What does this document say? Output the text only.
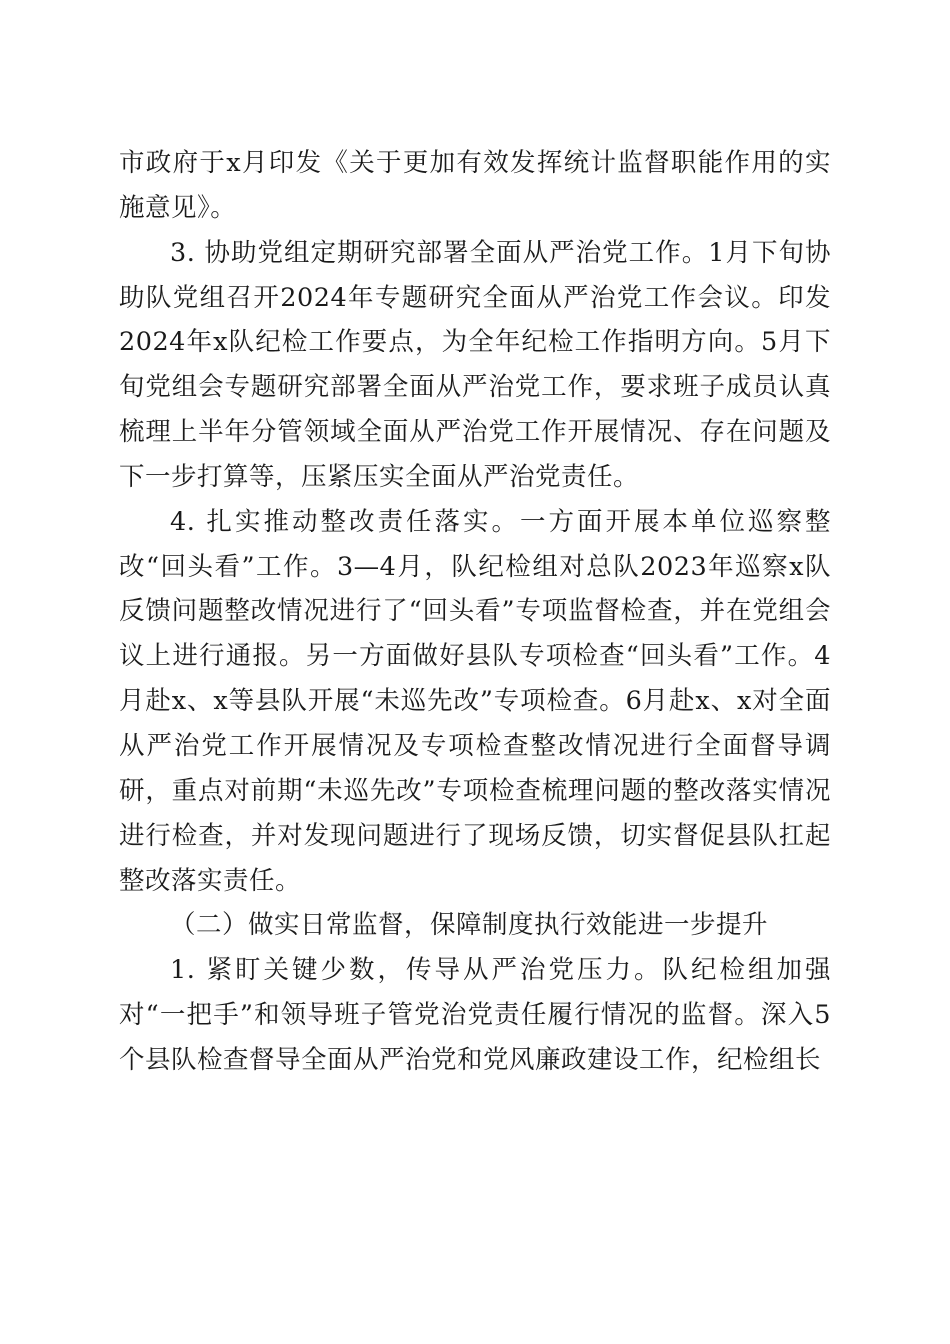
市政府于x月印发《关于更加有效发挥统计监督职能作用的实施意见》。

3. 协助党组定期研究部署全面从严治党工作。1月下旬协助队党组召开2024年专题研究全面从严治党工作会议。印发2024年x队纪检工作要点，为全年纪检工作指明方向。5月下旬党组会专题研究部署全面从严治党工作，要求班子成员认真梳理上半年分管领域全面从严治党工作开展情况、存在问题及下一步打算等，压紧压实全面从严治党责任。

4. 扎实推动整改责任落实。一方面开展本单位巡察整改“回头看”工作。3—4月，队纪检组对总队2023年巡察x队反馈问题整改情况进行了“回头看”专项监督检查，并在党组会议上进行通报。另一方面做好县队专项检查“回头看”工作。4月赴x、x等县队开展“未巡先改”专项检查。6月赴x、x对全面从严治党工作开展情况及专项检查整改情况进行全面督导调研，重点对前期“未巡先改”专项检查梳理问题的整改落实情况进行检查，并对发现问题进行了现场反馈，切实督促县队扛起整改落实责任。

（二）做实日常监督，保障制度执行效能进一步提升

1. 紧盯关键少数，传导从严治党压力。队纪检组加强对“一把手”和领导班子管党治党责任履行情况的监督。深入5个县队检查督导全面从严治党和党风廉政建设工作，纪检组长
